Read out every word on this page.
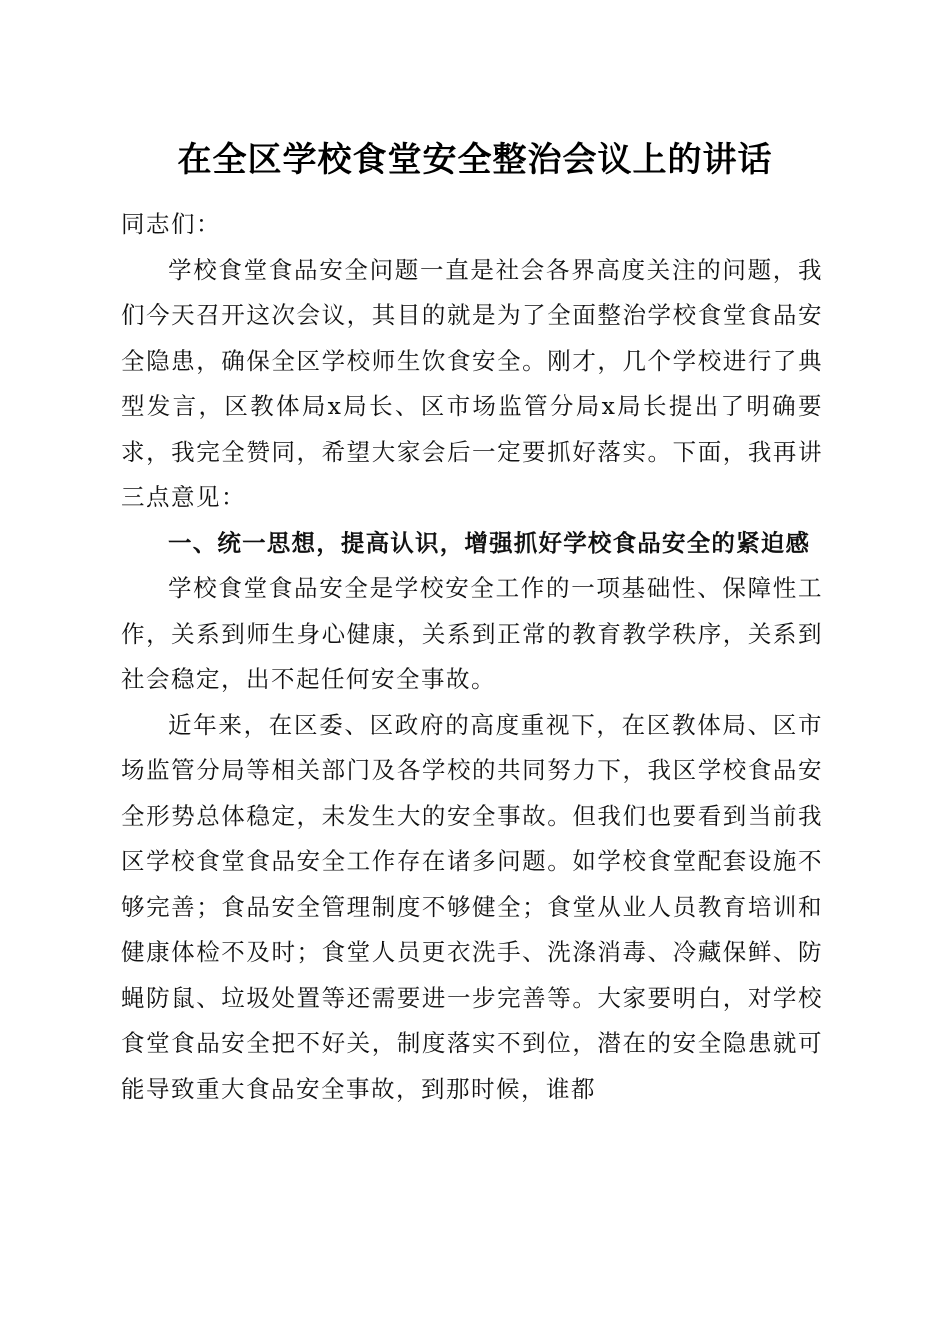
在全区学校食堂安全整治会议上的讲话

同志们：

学校食堂食品安全问题一直是社会各界高度关注的问题，我们今天召开这次会议，其目的就是为了全面整治学校食堂食品安全隐患，确保全区学校师生饮食安全。刚才，几个学校进行了典型发言，区教体局x局长、区市场监管分局x局长提出了明确要求，我完全赞同，希望大家会后一定要抓好落实。下面，我再讲三点意见：

一、统一思想，提高认识，增强抓好学校食品安全的紧迫感

学校食堂食品安全是学校安全工作的一项基础性、保障性工作，关系到师生身心健康，关系到正常的教育教学秩序，关系到社会稳定，出不起任何安全事故。

近年来，在区委、区政府的高度重视下，在区教体局、区市场监管分局等相关部门及各学校的共同努力下，我区学校食品安全形势总体稳定，未发生大的安全事故。但我们也要看到当前我区学校食堂食品安全工作存在诸多问题。如学校食堂配套设施不够完善；食品安全管理制度不够健全；食堂从业人员教育培训和健康体检不及时；食堂人员更衣洗手、洗涤消毒、冷藏保鲜、防蝇防鼠、垃圾处置等还需要进一步完善等。大家要明白，对学校食堂食品安全把不好关，制度落实不到位，潜在的安全隐患就可能导致重大食品安全事故，到那时候，谁都
